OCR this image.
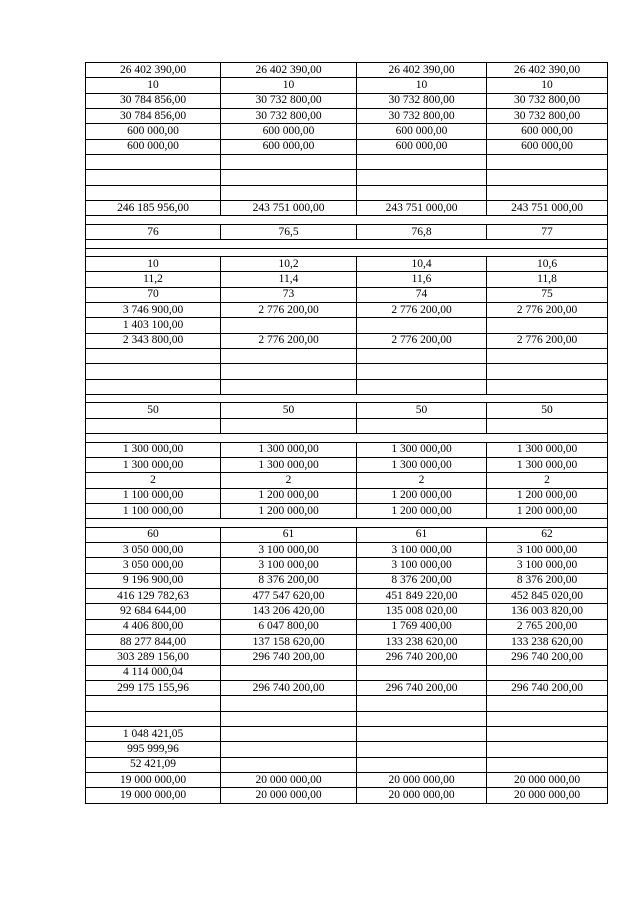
26 402 390,00	26 402 390,00	26 402 390,00	26 402 390,00
10	10	10	10
30 784 856,00	30 732 800,00	30 732 800,00	30 732 800,00
30 784 856,00	30 732 800,00	30 732 800,00	30 732 800,00
600 000,00	600 000,00	600 000,00	600 000,00
600 000,00	600 000,00	600 000,00	600 000,00

246 185 956,00	243 751 000,00	243 751 000,00	243 751 000,00

76	76,5	76,8	77

10	10,2	10,4	10,6
11,2	11,4	11,6	11,8
70	73	74	75
3 746 900,00	2 776 200,00	2 776 200,00	2 776 200,00
1 403 100,00			
2 343 800,00	2 776 200,00	2 776 200,00	2 776 200,00

50	50	50	50

1 300 000,00	1 300 000,00	1 300 000,00	1 300 000,00
1 300 000,00	1 300 000,00	1 300 000,00	1 300 000,00
2	2	2	2
1 100 000,00	1 200 000,00	1 200 000,00	1 200 000,00
1 100 000,00	1 200 000,00	1 200 000,00	1 200 000,00

60	61	61	62
3 050 000,00	3 100 000,00	3 100 000,00	3 100 000,00
3 050 000,00	3 100 000,00	3 100 000,00	3 100 000,00
9 196 900,00	8 376 200,00	8 376 200,00	8 376 200,00
416 129 782,63	477 547 620,00	451 849 220,00	452 845 020,00
92 684 644,00	143 206 420,00	135 008 020,00	136 003 820,00
4 406 800,00	6 047 800,00	1 769 400,00	2 765 200,00
88 277 844,00	137 158 620,00	133 238 620,00	133 238 620,00
303 289 156,00	296 740 200,00	296 740 200,00	296 740 200,00
4 114 000,04			
299 175 155,96	296 740 200,00	296 740 200,00	296 740 200,00

1 048 421,05			
995 999,96			
52 421,09			
19 000 000,00	20 000 000,00	20 000 000,00	20 000 000,00
19 000 000,00	20 000 000,00	20 000 000,00	20 000 000,00
